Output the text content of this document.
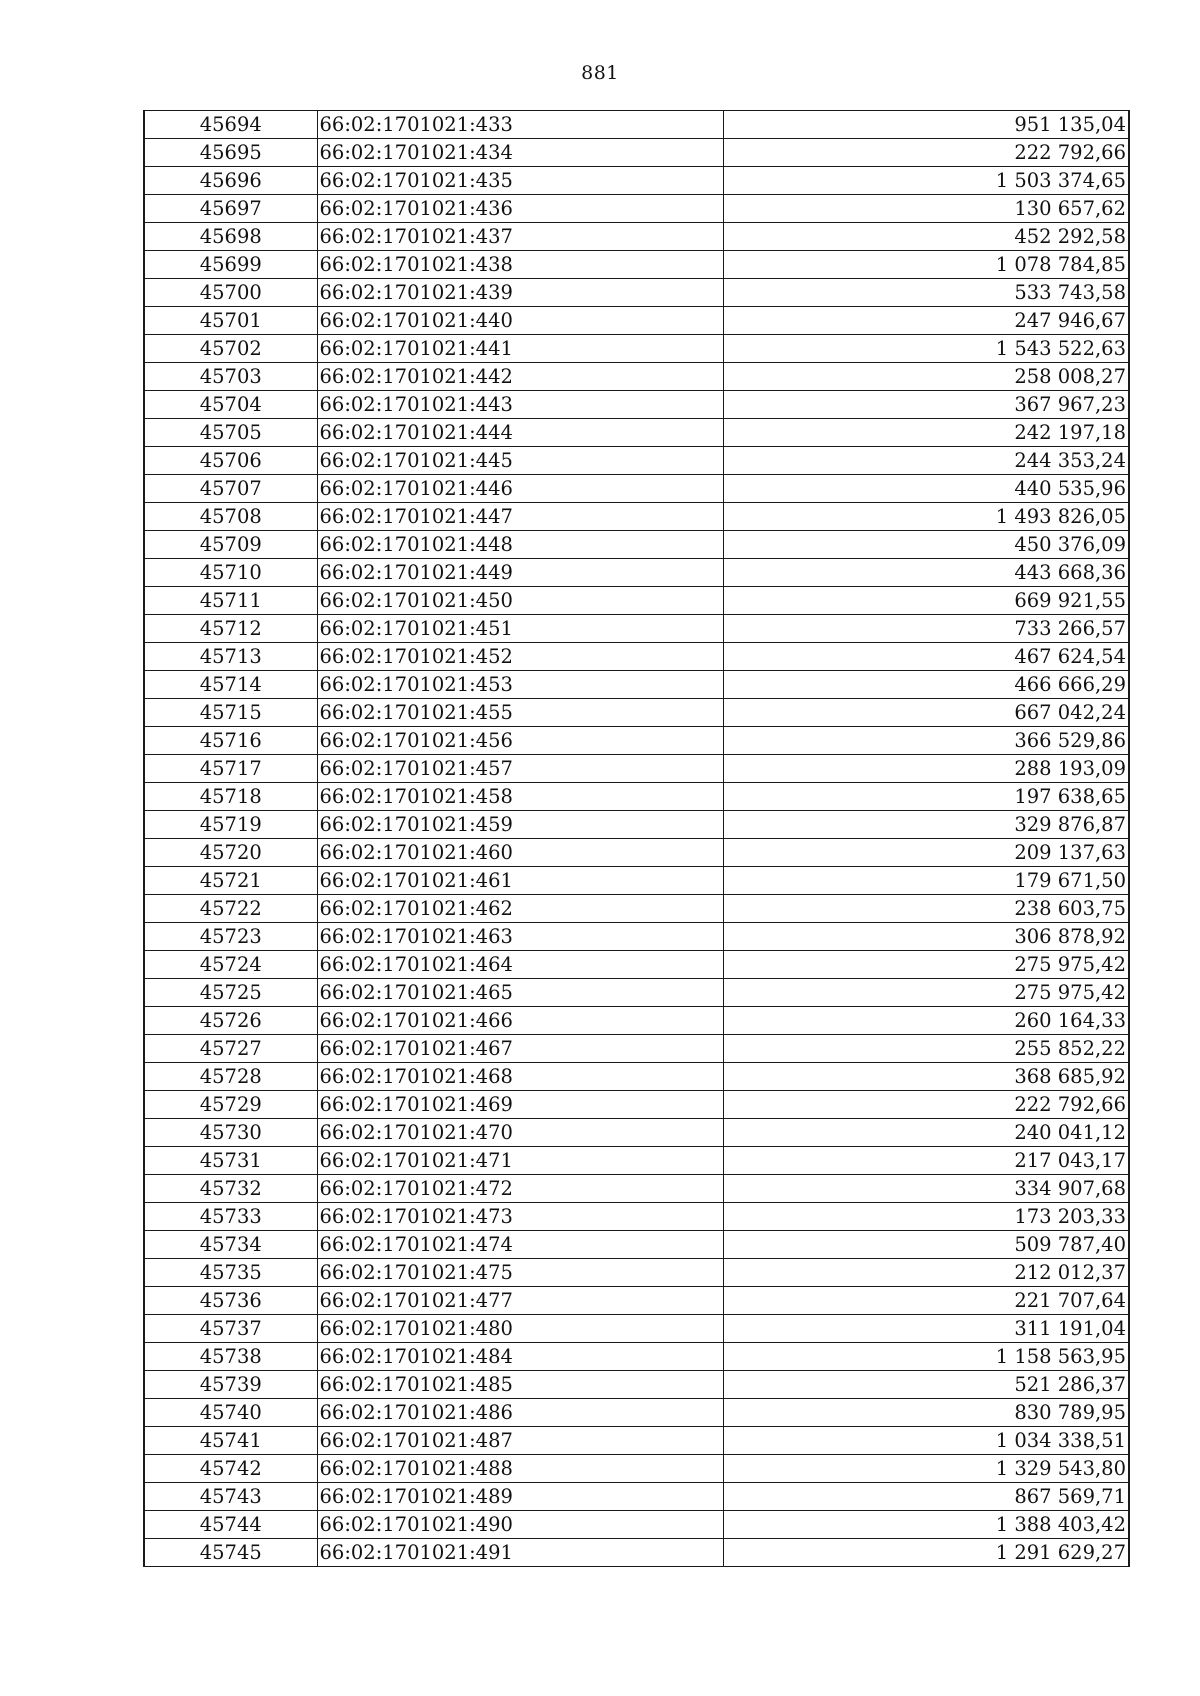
881
45694	66:02:1701021:433	951 135,04
45695	66:02:1701021:434	222 792,66
45696	66:02:1701021:435	1 503 374,65
45697	66:02:1701021:436	130 657,62
45698	66:02:1701021:437	452 292,58
45699	66:02:1701021:438	1 078 784,85
45700	66:02:1701021:439	533 743,58
45701	66:02:1701021:440	247 946,67
45702	66:02:1701021:441	1 543 522,63
45703	66:02:1701021:442	258 008,27
45704	66:02:1701021:443	367 967,23
45705	66:02:1701021:444	242 197,18
45706	66:02:1701021:445	244 353,24
45707	66:02:1701021:446	440 535,96
45708	66:02:1701021:447	1 493 826,05
45709	66:02:1701021:448	450 376,09
45710	66:02:1701021:449	443 668,36
45711	66:02:1701021:450	669 921,55
45712	66:02:1701021:451	733 266,57
45713	66:02:1701021:452	467 624,54
45714	66:02:1701021:453	466 666,29
45715	66:02:1701021:455	667 042,24
45716	66:02:1701021:456	366 529,86
45717	66:02:1701021:457	288 193,09
45718	66:02:1701021:458	197 638,65
45719	66:02:1701021:459	329 876,87
45720	66:02:1701021:460	209 137,63
45721	66:02:1701021:461	179 671,50
45722	66:02:1701021:462	238 603,75
45723	66:02:1701021:463	306 878,92
45724	66:02:1701021:464	275 975,42
45725	66:02:1701021:465	275 975,42
45726	66:02:1701021:466	260 164,33
45727	66:02:1701021:467	255 852,22
45728	66:02:1701021:468	368 685,92
45729	66:02:1701021:469	222 792,66
45730	66:02:1701021:470	240 041,12
45731	66:02:1701021:471	217 043,17
45732	66:02:1701021:472	334 907,68
45733	66:02:1701021:473	173 203,33
45734	66:02:1701021:474	509 787,40
45735	66:02:1701021:475	212 012,37
45736	66:02:1701021:477	221 707,64
45737	66:02:1701021:480	311 191,04
45738	66:02:1701021:484	1 158 563,95
45739	66:02:1701021:485	521 286,37
45740	66:02:1701021:486	830 789,95
45741	66:02:1701021:487	1 034 338,51
45742	66:02:1701021:488	1 329 543,80
45743	66:02:1701021:489	867 569,71
45744	66:02:1701021:490	1 388 403,42
45745	66:02:1701021:491	1 291 629,27
